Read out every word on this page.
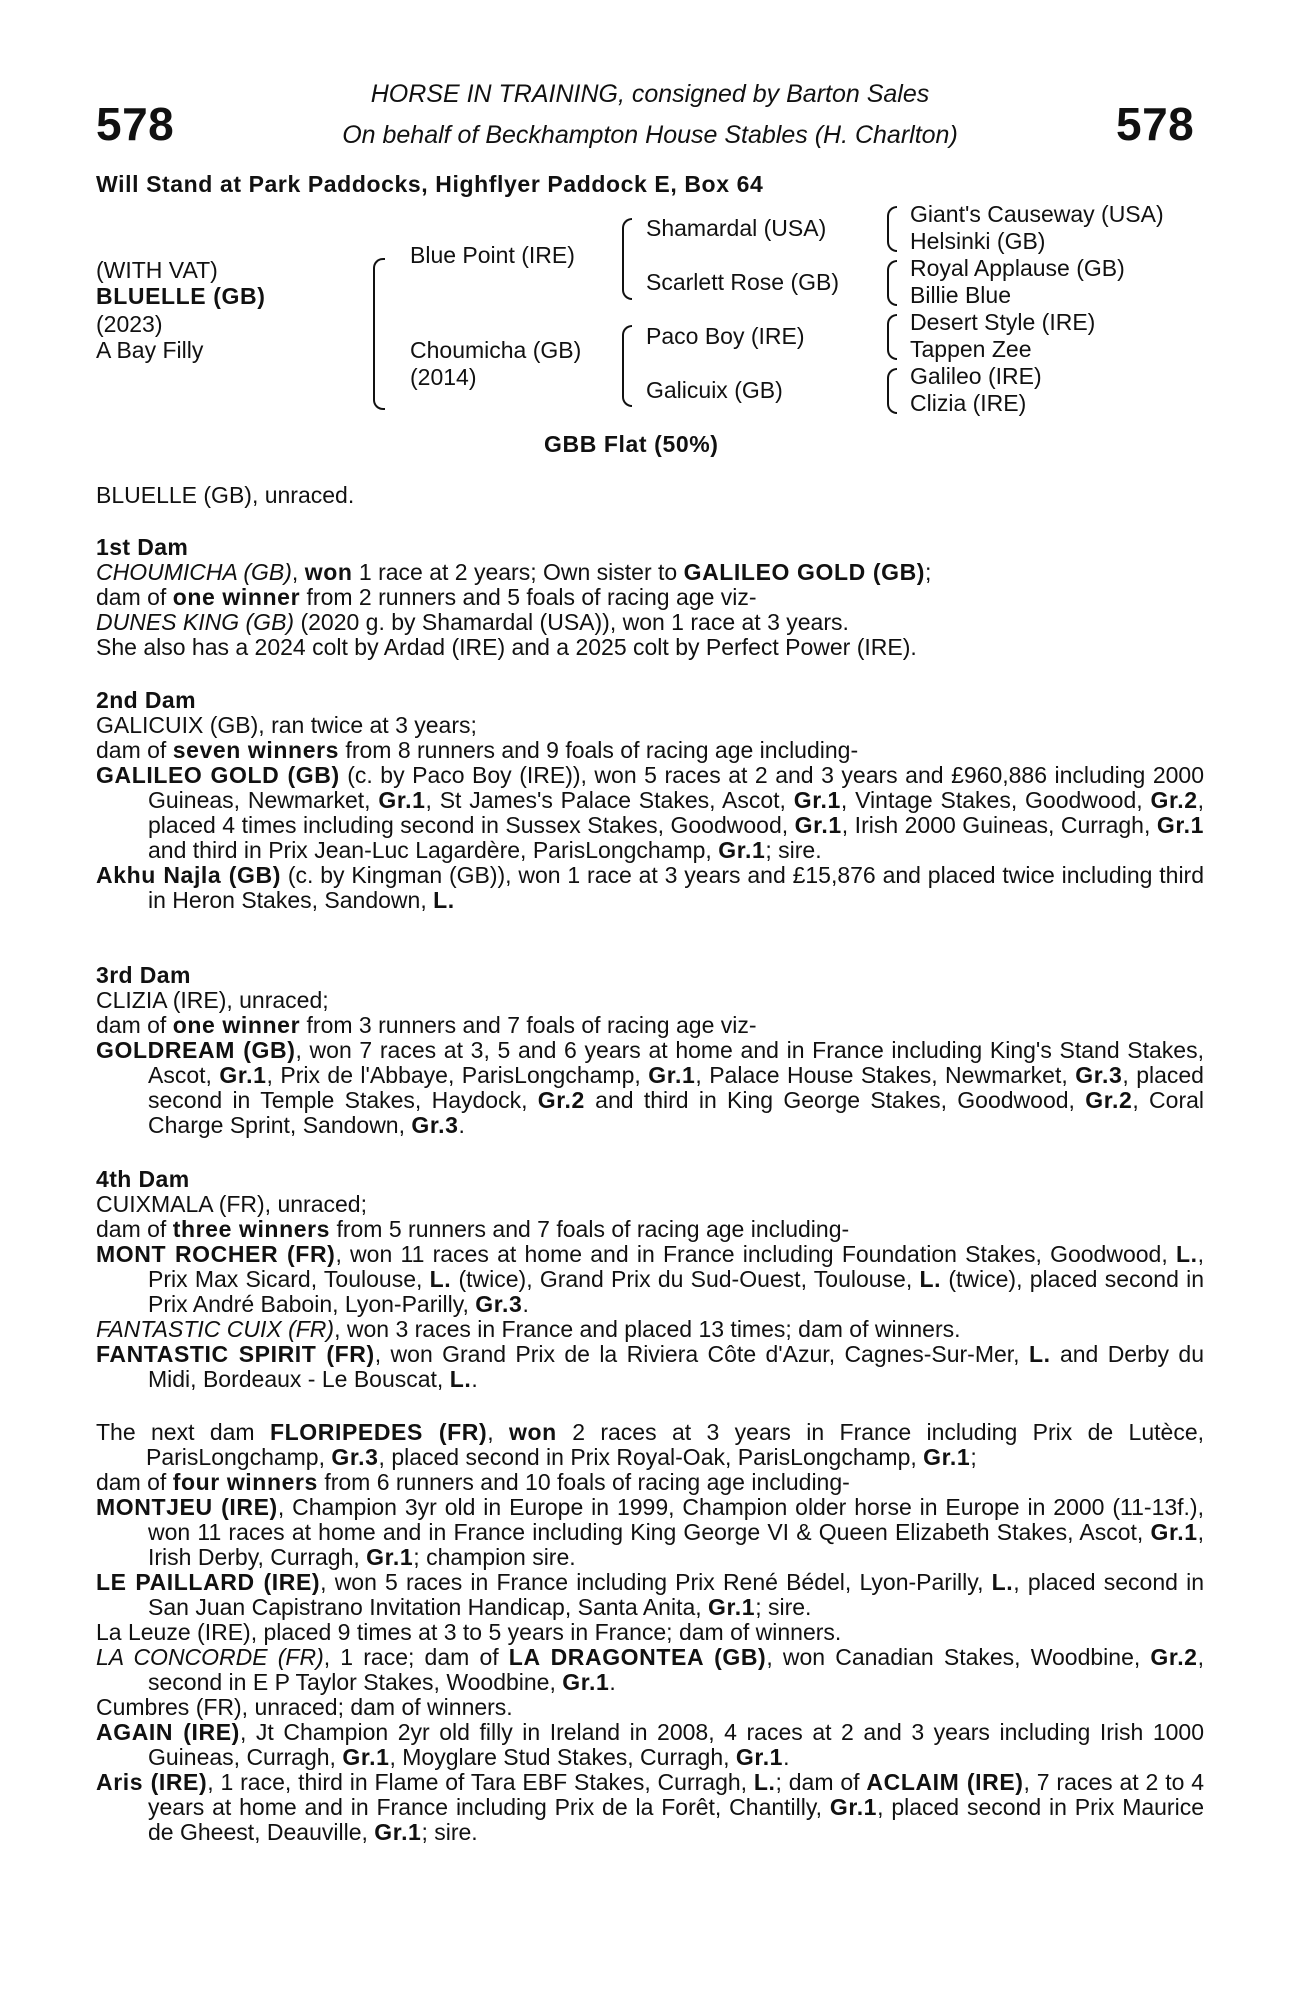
578	578
HORSE IN TRAINING, consigned by Barton Sales
On behalf of Beckhampton House Stables (H. Charlton)
Will Stand at Park Paddocks, Highflyer Paddock E, Box 64
(WITH VAT)
BLUELLE (GB)
(2023)
A Bay Filly
Blue Point (IRE)
Choumicha (GB)
(2014)
Shamardal (USA)
Scarlett Rose (GB)
Paco Boy (IRE)
Galicuix (GB)
Giant's Causeway (USA)
Helsinki (GB)
Royal Applause (GB)
Billie Blue
Desert Style (IRE)
Tappen Zee
Galileo (IRE)
Clizia (IRE)
GBB Flat (50%)
BLUELLE (GB), unraced.

1st Dam

CHOUMICHA (GB), won 1 race at 2 years; Own sister to GALILEO GOLD (GB);

dam of one winner from 2 runners and 5 foals of racing age viz-

DUNES KING (GB) (2020 g. by Shamardal (USA)), won 1 race at 3 years.

She also has a 2024 colt by Ardad (IRE) and a 2025 colt by Perfect Power (IRE).

2nd Dam

GALICUIX (GB), ran twice at 3 years;

dam of seven winners from 8 runners and 9 foals of racing age including-

GALILEO GOLD (GB) (c. by Paco Boy (IRE)), won 5 races at 2 and 3 years and £960,886 including 2000 Guineas, Newmarket, Gr.1, St James's Palace Stakes, Ascot, Gr.1, Vintage Stakes, Goodwood, Gr.2, placed 4 times including second in Sussex Stakes, Goodwood, Gr.1, Irish 2000 Guineas, Curragh, Gr.1 and third in Prix Jean-Luc Lagardère, ParisLongchamp, Gr.1; sire.

Akhu Najla (GB) (c. by Kingman (GB)), won 1 race at 3 years and £15,876 and placed twice including third in Heron Stakes, Sandown, L.

3rd Dam

CLIZIA (IRE), unraced;

dam of one winner from 3 runners and 7 foals of racing age viz-

GOLDREAM (GB), won 7 races at 3, 5 and 6 years at home and in France including King's Stand Stakes, Ascot, Gr.1, Prix de l'Abbaye, ParisLongchamp, Gr.1, Palace House Stakes, Newmarket, Gr.3, placed second in Temple Stakes, Haydock, Gr.2 and third in King George Stakes, Goodwood, Gr.2, Coral Charge Sprint, Sandown, Gr.3.

4th Dam

CUIXMALA (FR), unraced;

dam of three winners from 5 runners and 7 foals of racing age including-

MONT ROCHER (FR), won 11 races at home and in France including Foundation Stakes, Goodwood, L., Prix Max Sicard, Toulouse, L. (twice), Grand Prix du Sud-Ouest, Toulouse, L. (twice), placed second in Prix André Baboin, Lyon-Parilly, Gr.3.

FANTASTIC CUIX (FR), won 3 races in France and placed 13 times; dam of winners.

FANTASTIC SPIRIT (FR), won Grand Prix de la Riviera Côte d'Azur, Cagnes-Sur-Mer, L. and Derby du Midi, Bordeaux - Le Bouscat, L..

The next dam FLORIPEDES (FR), won 2 races at 3 years in France including Prix de Lutèce, ParisLongchamp, Gr.3, placed second in Prix Royal-Oak, ParisLongchamp, Gr.1;

dam of four winners from 6 runners and 10 foals of racing age including-

MONTJEU (IRE), Champion 3yr old in Europe in 1999, Champion older horse in Europe in 2000 (11-13f.), won 11 races at home and in France including King George VI & Queen Elizabeth Stakes, Ascot, Gr.1, Irish Derby, Curragh, Gr.1; champion sire.

LE PAILLARD (IRE), won 5 races in France including Prix René Bédel, Lyon-Parilly, L., placed second in San Juan Capistrano Invitation Handicap, Santa Anita, Gr.1; sire.

La Leuze (IRE), placed 9 times at 3 to 5 years in France; dam of winners.

LA CONCORDE (FR), 1 race; dam of LA DRAGONTEA (GB), won Canadian Stakes, Woodbine, Gr.2, second in E P Taylor Stakes, Woodbine, Gr.1.

Cumbres (FR), unraced; dam of winners.

AGAIN (IRE), Jt Champion 2yr old filly in Ireland in 2008, 4 races at 2 and 3 years including Irish 1000 Guineas, Curragh, Gr.1, Moyglare Stud Stakes, Curragh, Gr.1.

Aris (IRE), 1 race, third in Flame of Tara EBF Stakes, Curragh, L.; dam of ACLAIM (IRE), 7 races at 2 to 4 years at home and in France including Prix de la Forêt, Chantilly, Gr.1, placed second in Prix Maurice de Gheest, Deauville, Gr.1; sire.
